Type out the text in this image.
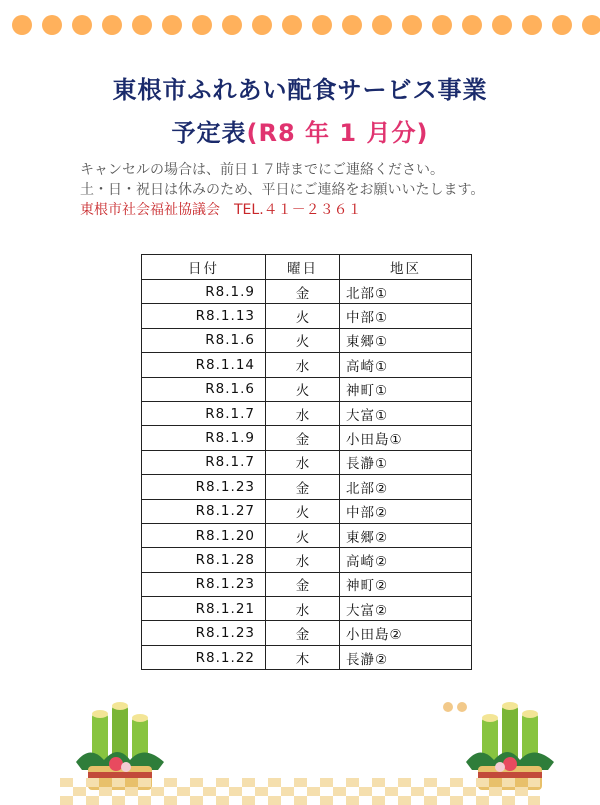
東根市ふれあい配食サービス事業
予定表(R8 年 1 月分)
キャンセルの場合は、前日１７時までにご連絡ください。
土・日・祝日は休みのため、平日にご連絡をお願いいたします。
東根市社会福祉協議会　TEL.４１－２３６１
日付	曜日	地区
R8.1.9	金	北部①
R8.1.13	火	中部①
R8.1.6	火	東郷①
R8.1.14	水	高崎①
R8.1.6	火	神町①
R8.1.7	水	大富①
R8.1.9	金	小田島①
R8.1.7	水	長瀞①
R8.1.23	金	北部②
R8.1.27	火	中部②
R8.1.20	火	東郷②
R8.1.28	水	高崎②
R8.1.23	金	神町②
R8.1.21	水	大富②
R8.1.23	金	小田島②
R8.1.22	木	長瀞②
